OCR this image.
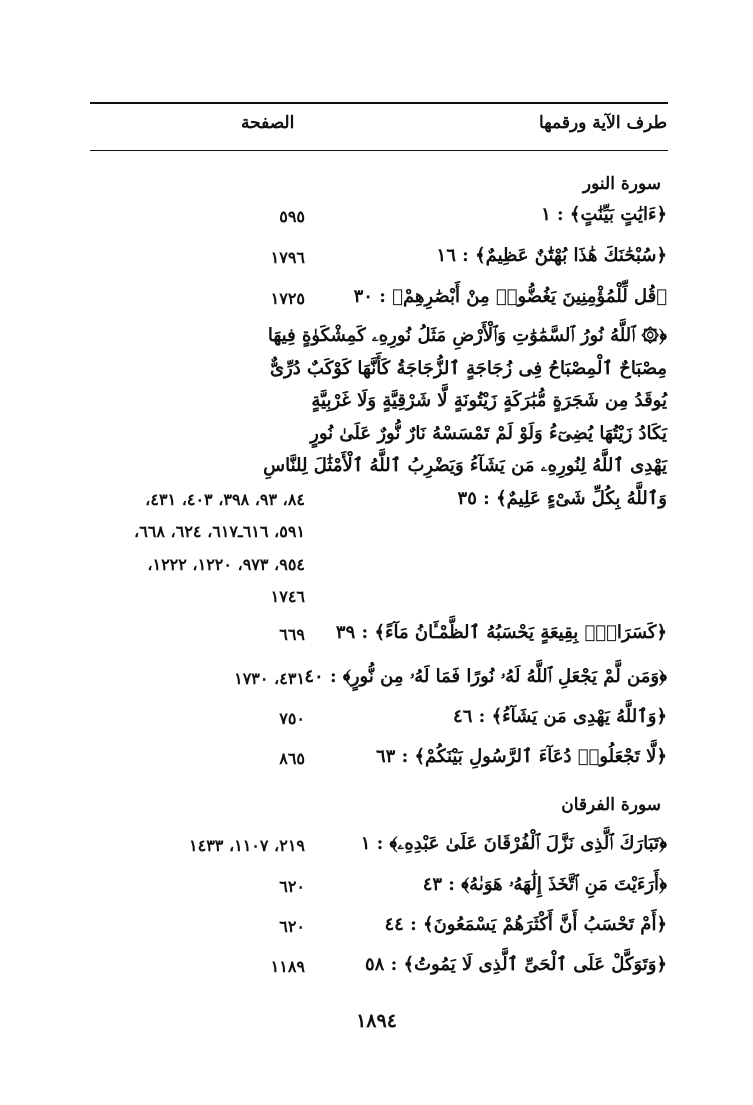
طرف الآية ورقمها
الصفحة
سورة النور
﴿ءَايَٰتٍ بَيِّنَٰتٍ﴾ : ١
٥٩٥
﴿سُبْحَٰنَكَ هَٰذَا بُهْتَٰنٌ عَظِيمٌ﴾ : ١٦
١٧٩٦
﴿قُل لِّلْمُؤْمِنِينَ يَغُضُّوا۟ مِنْ أَبْصَٰرِهِمْ﴾ : ٣٠
١٧٢٥
﴿۞ ٱللَّهُ نُورُ ٱلسَّمَٰوَٰتِ وَٱلْأَرْضِ مَثَلُ نُورِهِۦ كَمِشْكَوٰةٍ فِيهَا
مِصْبَاحٌ ٱلْمِصْبَاحُ فِى زُجَاجَةٍ ٱلزُّجَاجَةُ كَأَنَّهَا كَوْكَبٌ دُرِّىٌّ
يُوقَدُ مِن شَجَرَةٍ مُّبَٰرَكَةٍ زَيْتُونَةٍ لَّا شَرْقِيَّةٍ وَلَا غَرْبِيَّةٍ
يَكَادُ زَيْتُهَا يُضِىٓءُ وَلَوْ لَمْ تَمْسَسْهُ نَارٌ نُّورٌ عَلَىٰ نُورٍ
يَهْدِى ٱللَّهُ لِنُورِهِۦ مَن يَشَآءُ وَيَضْرِبُ ٱللَّهُ ٱلْأَمْثَٰلَ لِلنَّاسِ
وَٱللَّهُ بِكُلِّ شَىْءٍ عَلِيمٌ﴾ : ٣٥
٨٤، ٩٣، ٣٩٨، ٤٠٣، ٤٣١،
٥٩١، ٦١٦ـ٦١٧، ٦٢٤، ٦٦٨،
٩٥٤، ٩٧٣، ١٢٢٠، ١٢٢٢،
١٧٤٦
﴿كَسَرَابٍۭ بِقِيعَةٍ يَحْسَبُهُ ٱلظَّمْـَٔانُ مَآءً﴾ : ٣٩
٦٦٩
﴿وَمَن لَّمْ يَجْعَلِ ٱللَّهُ لَهُۥ نُورًا فَمَا لَهُۥ مِن نُّورٍ﴾ : ٤٠
٤٣١، ١٧٣٠
﴿وَٱللَّهُ يَهْدِى مَن يَشَآءُ﴾ : ٤٦
٧٥٠
﴿لَّا تَجْعَلُوا۟ دُعَآءَ ٱلرَّسُولِ بَيْنَكُمْ﴾ : ٦٣
٨٦٥
سورة الفرقان
﴿تَبَارَكَ ٱلَّذِى نَزَّلَ ٱلْفُرْقَانَ عَلَىٰ عَبْدِهِۦ﴾ : ١
٢١٩، ١١٠٧، ١٤٣٣
﴿أَرَءَيْتَ مَنِ ٱتَّخَذَ إِلَٰهَهُۥ هَوَىٰهُ﴾ : ٤٣
٦٢٠
﴿أَمْ تَحْسَبُ أَنَّ أَكْثَرَهُمْ يَسْمَعُونَ﴾ : ٤٤
٦٢٠
﴿وَتَوَكَّلْ عَلَى ٱلْحَىِّ ٱلَّذِى لَا يَمُوتُ﴾ : ٥٨
١١٨٩
١٨٩٤
